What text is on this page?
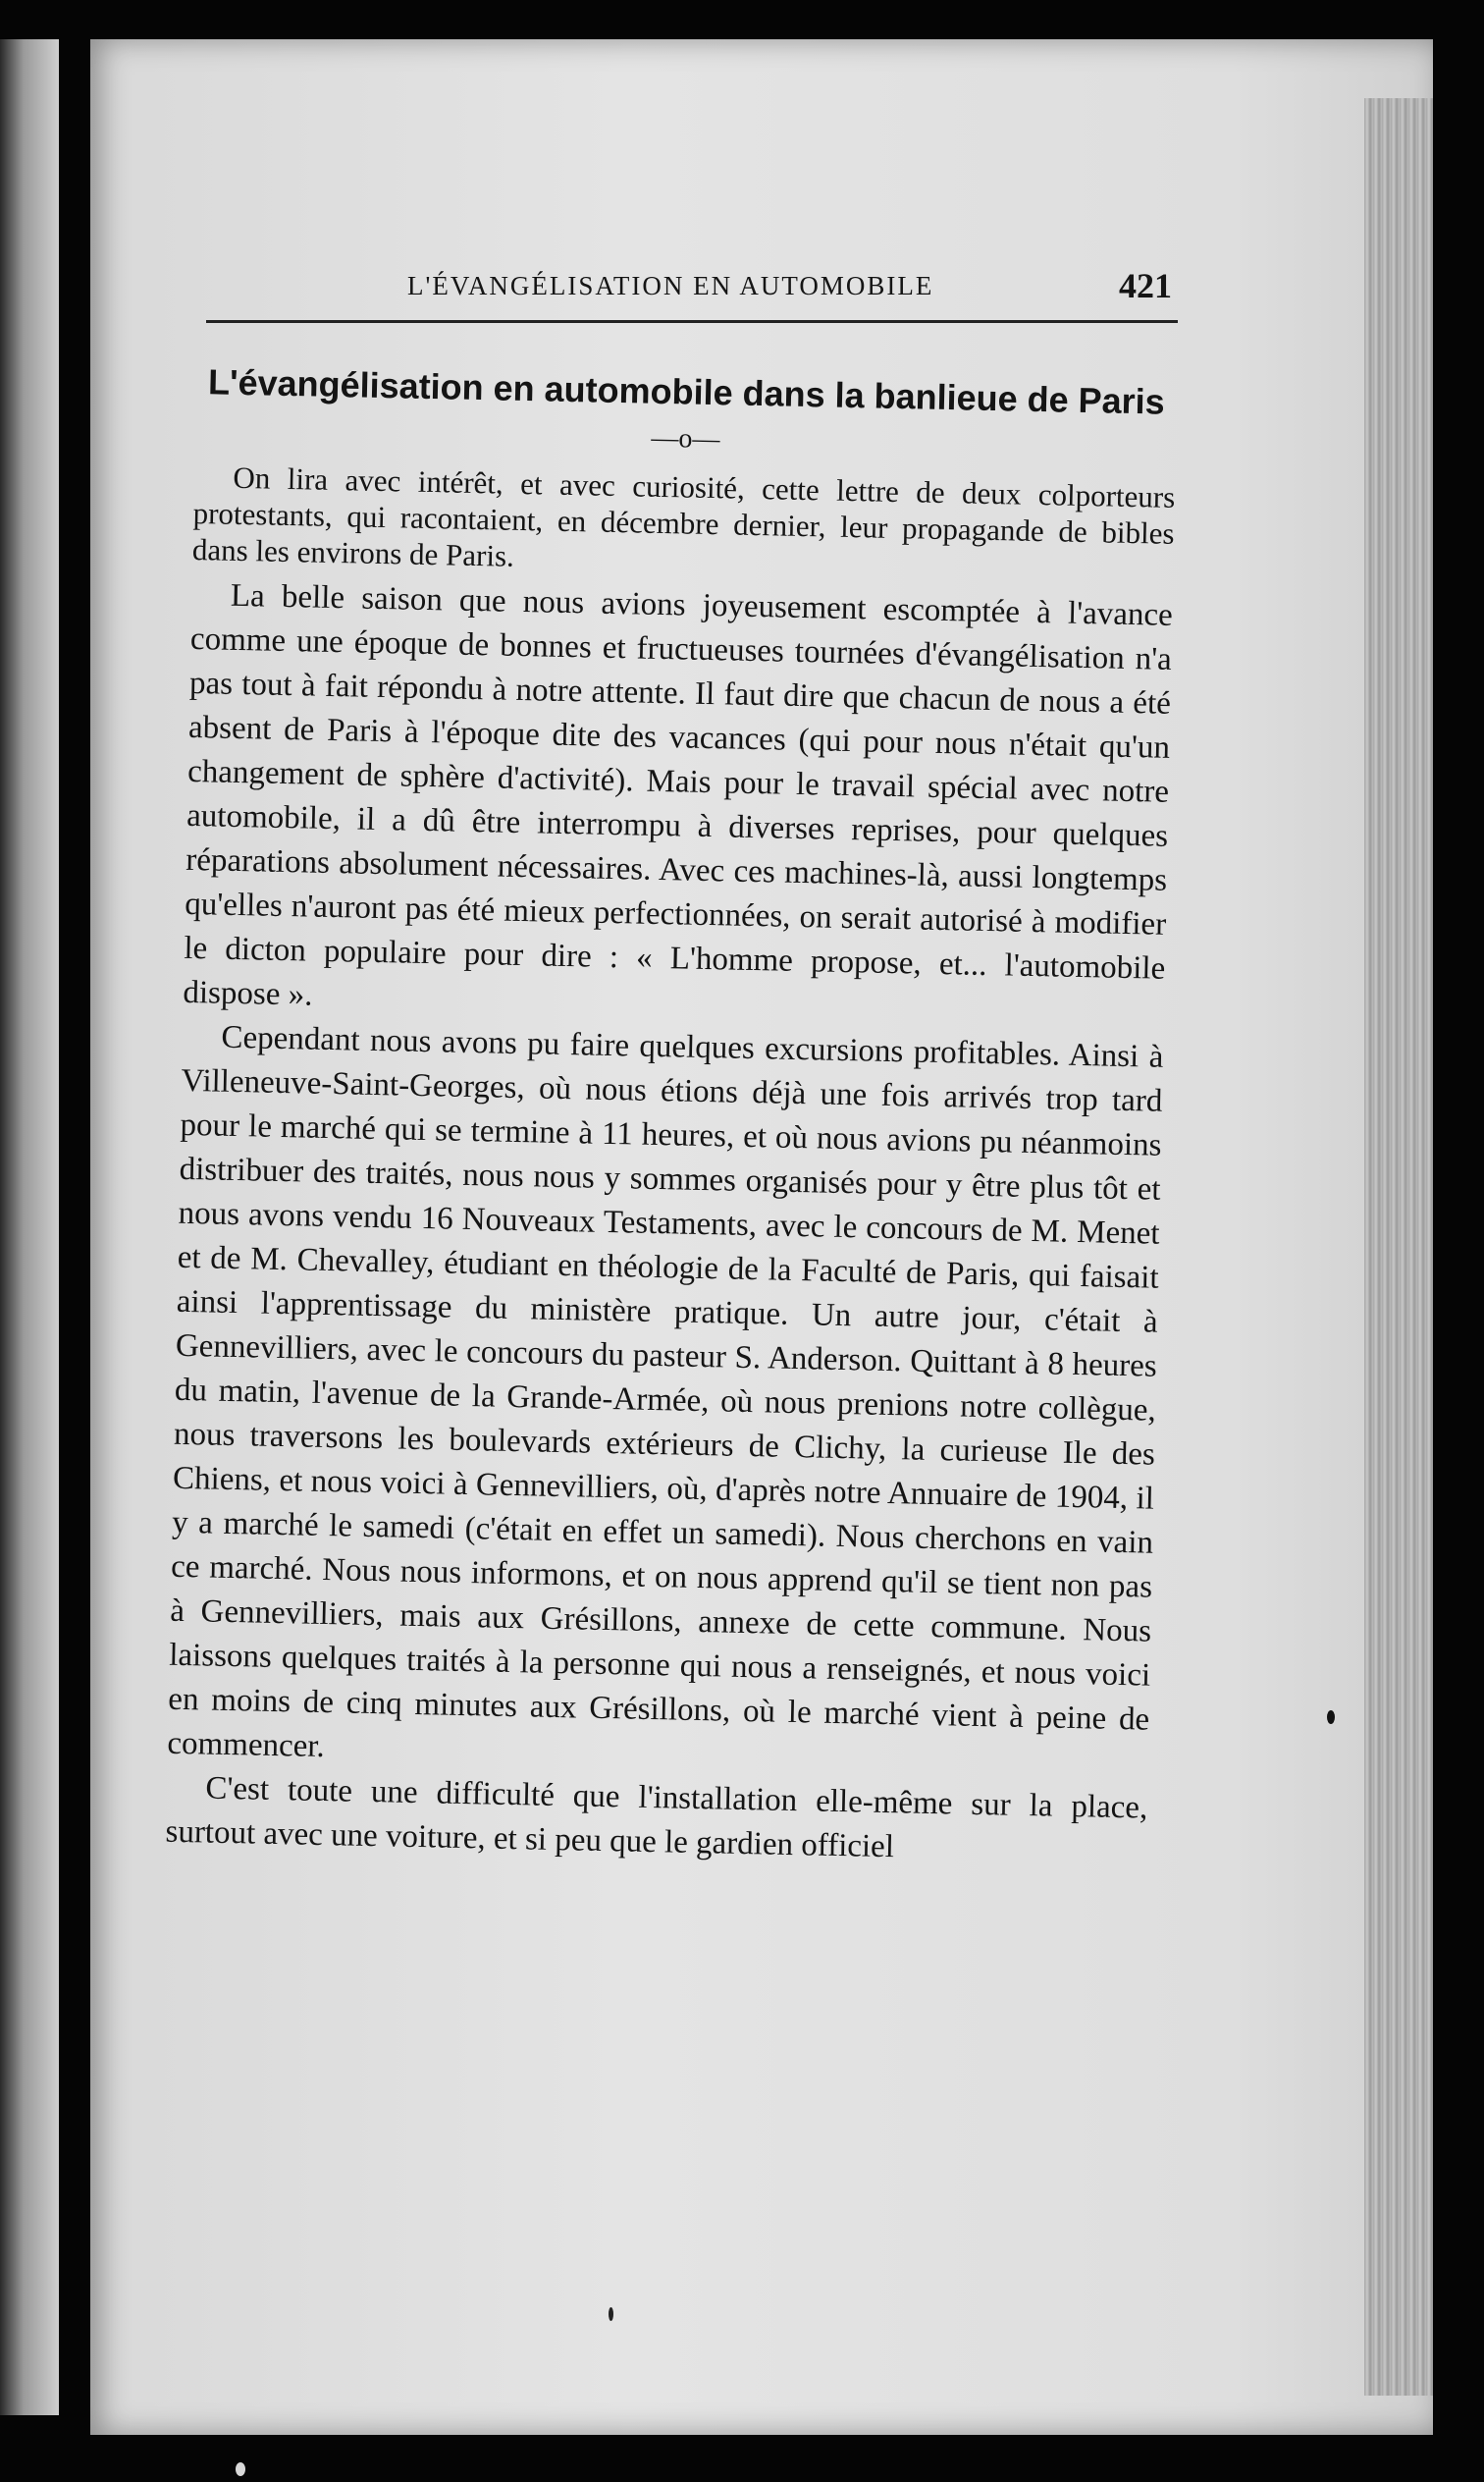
L'ÉVANGÉLISATION EN AUTOMOBILE	421
L'évangélisation en automobile dans la banlieue de Paris
—o—

On lira avec intérêt, et avec curiosité, cette lettre de deux colporteurs protestants, qui racontaient, en décembre dernier, leur propagande de bibles dans les environs de Paris.

La belle saison que nous avions joyeusement escomptée à l'avance comme une époque de bonnes et fructueuses tournées d'évangélisation n'a pas tout à fait répondu à notre attente. Il faut dire que chacun de nous a été absent de Paris à l'époque dite des vacances (qui pour nous n'était qu'un changement de sphère d'activité). Mais pour le travail spécial avec notre automobile, il a dû être interrompu à diverses reprises, pour quelques réparations absolument nécessaires. Avec ces machines-là, aussi longtemps qu'elles n'auront pas été mieux perfectionnées, on serait autorisé à modifier le dicton populaire pour dire : « L'homme propose, et... l'automobile dispose ».

Cependant nous avons pu faire quelques excursions profitables. Ainsi à Villeneuve-Saint-Georges, où nous étions déjà une fois arrivés trop tard pour le marché qui se termine à 11 heures, et où nous avions pu néanmoins distribuer des traités, nous nous y sommes organisés pour y être plus tôt et nous avons vendu 16 Nouveaux Testaments, avec le concours de M. Menet et de M. Chevalley, étudiant en théologie de la Faculté de Paris, qui faisait ainsi l'apprentissage du ministère pratique. Un autre jour, c'était à Gennevilliers, avec le concours du pasteur S. Anderson. Quittant à 8 heures du matin, l'avenue de la Grande-Armée, où nous prenions notre collègue, nous traversons les boulevards extérieurs de Clichy, la curieuse Ile des Chiens, et nous voici à Gennevilliers, où, d'après notre Annuaire de 1904, il y a marché le samedi (c'était en effet un samedi). Nous cherchons en vain ce marché. Nous nous informons, et on nous apprend qu'il se tient non pas à Gennevilliers, mais aux Grésillons, annexe de cette commune. Nous laissons quelques traités à la personne qui nous a renseignés, et nous voici en moins de cinq minutes aux Grésillons, où le marché vient à peine de commencer.

C'est toute une difficulté que l'installation elle-même sur la place, surtout avec une voiture, et si peu que le gardien officiel
